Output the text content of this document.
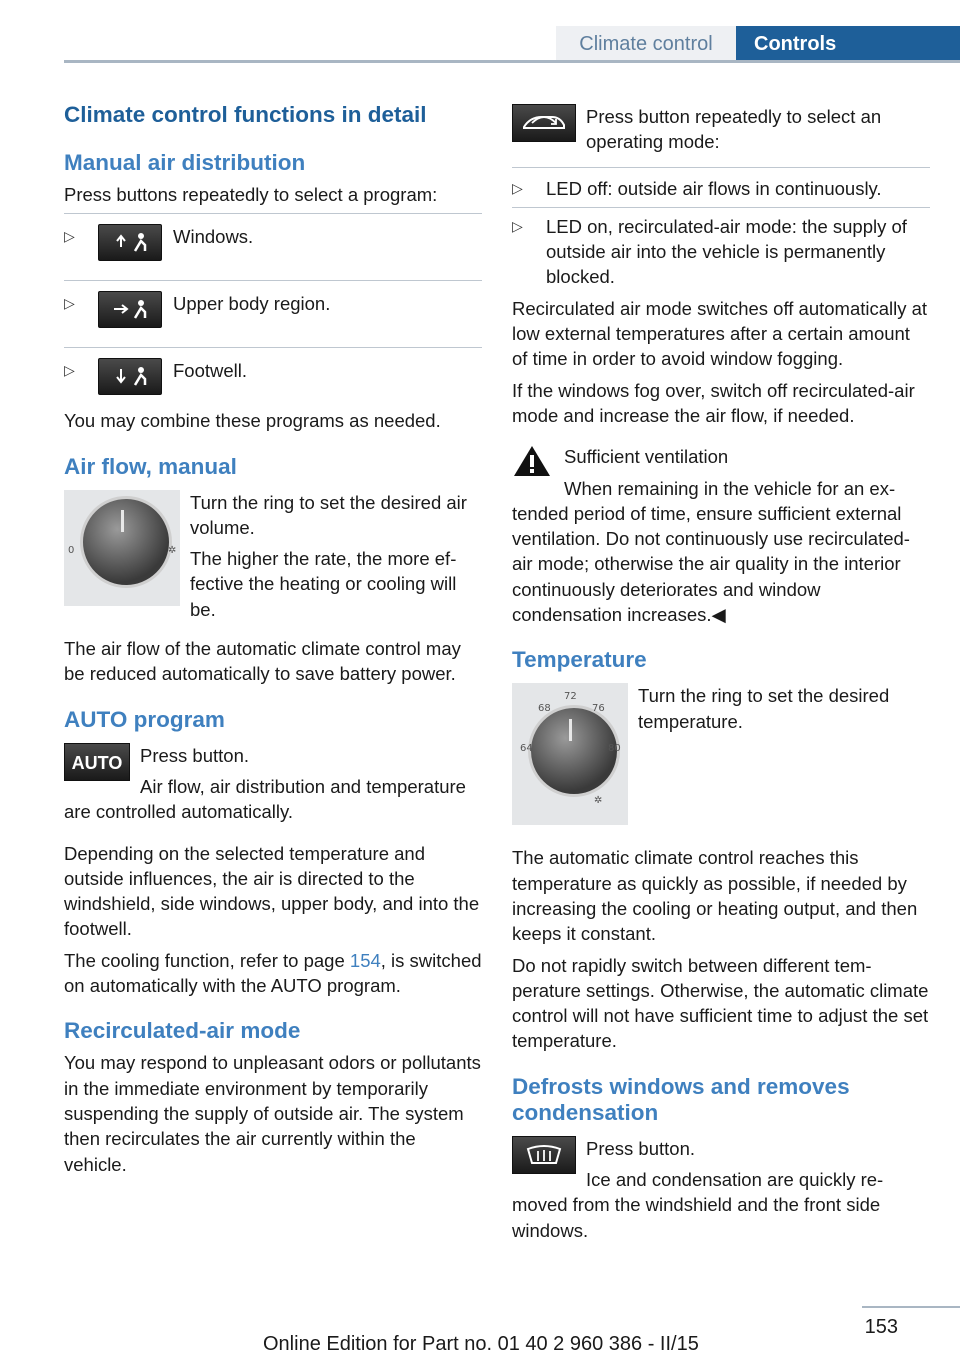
Climate control	Controls
Climate control functions in detail
Manual air distribution

Press buttons repeatedly to select a program:

▷	Windows.
▷	Upper body region.
▷	Footwell.

You may combine these programs as needed.

Air flow, manual
0	✲

Turn the ring to set the desired air volume.

The higher the rate, the more effective the heating or cooling will be.

The air flow of the automatic climate control may be reduced automatically to save battery power.

AUTO program
AUTO Press button.

Air flow, air distribution and temperature are controlled automatically.

Depending on the selected temperature and outside influences, the air is directed to the windshield, side windows, upper body, and into the footwell.

The cooling function, refer to page 154, is switched on automatically with the AUTO program.

Recirculated-air mode

You may respond to unpleasant odors or pollutants in the immediate environment by temporarily suspending the supply of outside air. The system then recirculates the air currently within the vehicle.

Press button repeatedly to select an operating mode:

▷ LED off: outside air flows in continuously.
▷ LED on, recirculated-air mode: the supply of outside air into the vehicle is permanently blocked.

Recirculated air mode switches off automatically at low external temperatures after a certain amount of time in order to avoid window fogging.

If the windows fog over, switch off recirculated-air mode and increase the air flow, if needed.

Sufficient ventilation

When remaining in the vehicle for an extended period of time, ensure sufficient external ventilation. Do not continuously use recirculated-air mode; otherwise the air quality in the interior continuously deteriorates and window condensation increases.◀

Temperature
72
68	76
64	80
✲

Turn the ring to set the desired temperature.

The automatic climate control reaches this temperature as quickly as possible, if needed by increasing the cooling or heating output, and then keeps it constant.

Do not rapidly switch between different temperature settings. Otherwise, the automatic climate control will not have sufficient time to adjust the set temperature.

Defrosts windows and removes condensation

Press button.

Ice and condensation are quickly removed from the windshield and the front side windows.

153
Online Edition for Part no. 01 40 2 960 386 - II/15
